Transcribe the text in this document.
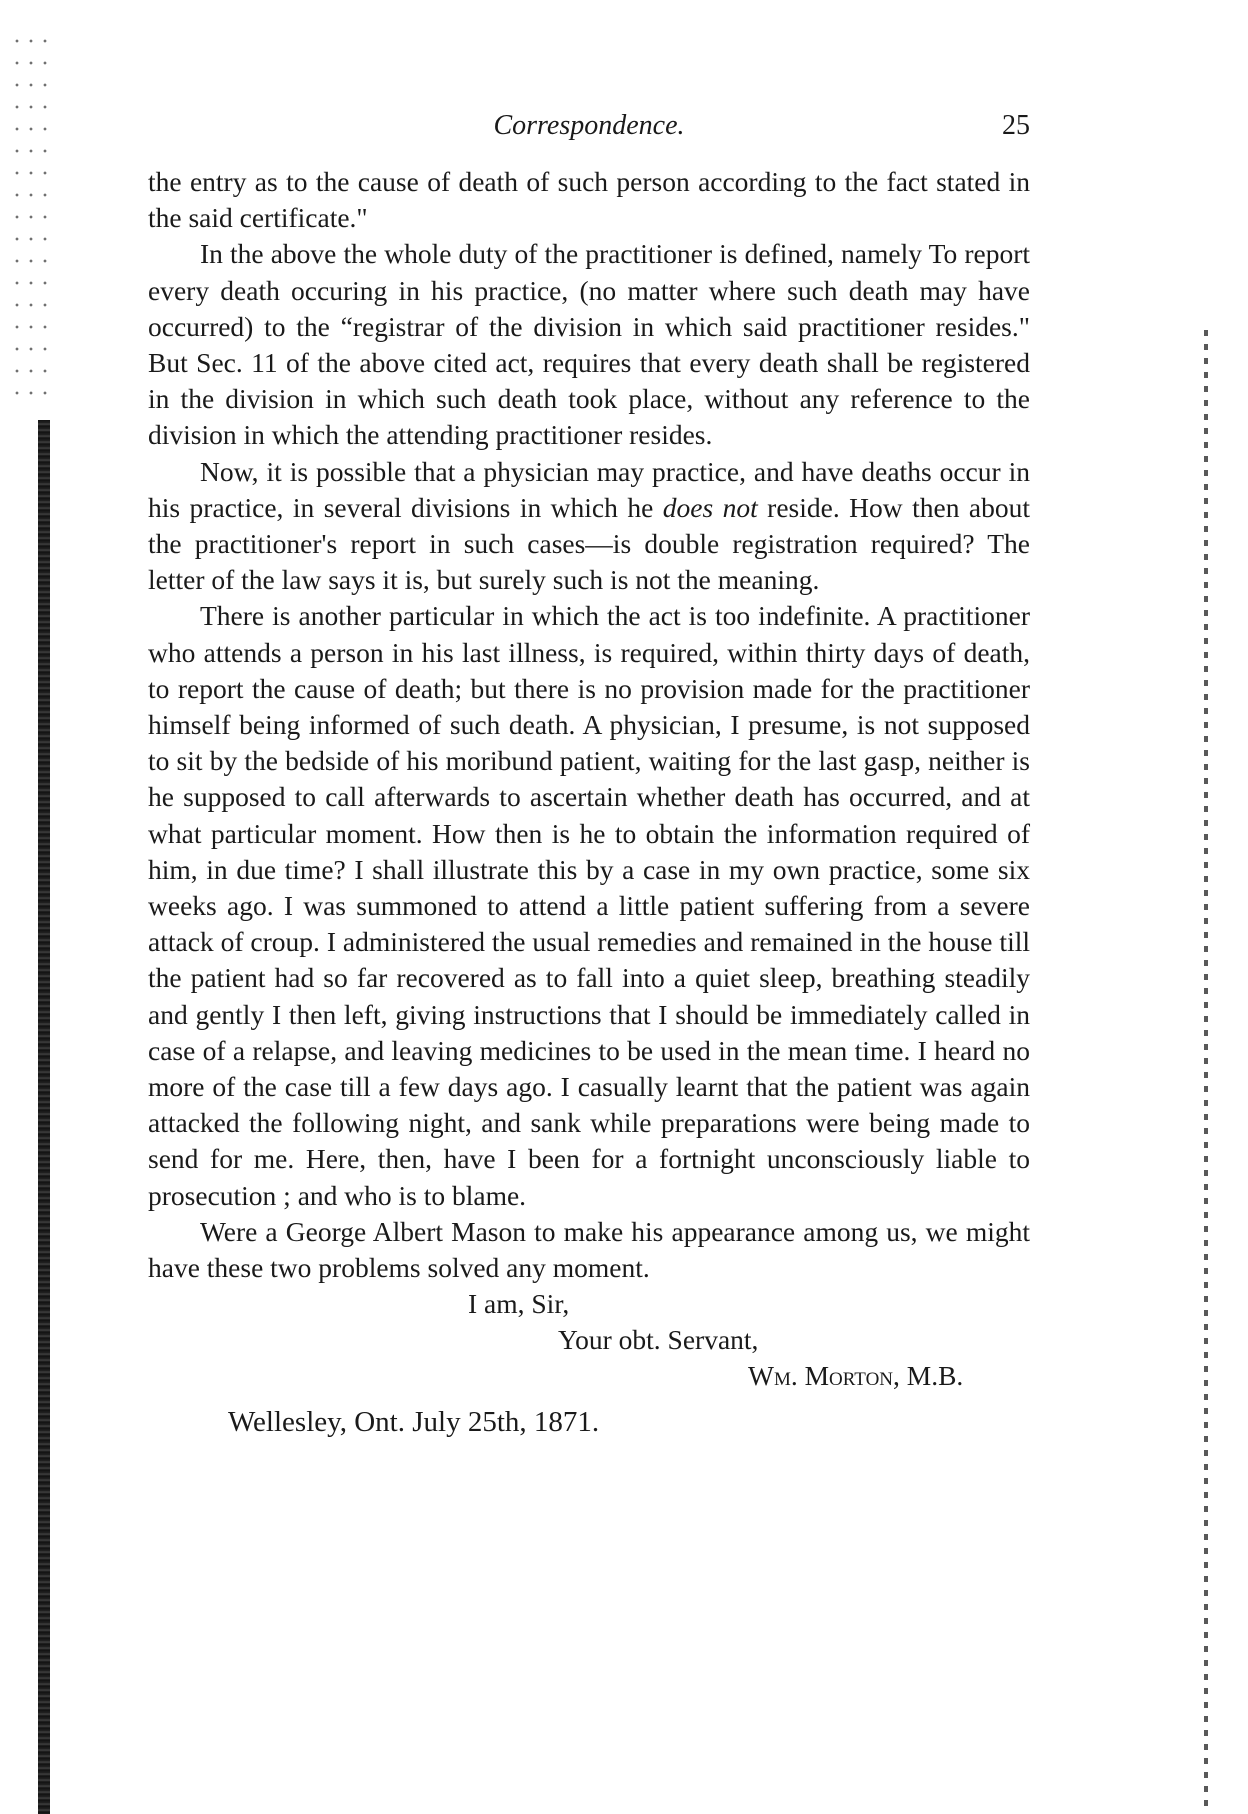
Correspondence.	25

the entry as to the cause of death of such person according to the fact stated in the said certificate."

In the above the whole duty of the practitioner is defined, namely To report every death occuring in his practice, (no matter where such death may have occurred) to the “registrar of the division in which said practitioner resides." But Sec. 11 of the above cited act, requires that every death shall be registered in the division in which such death took place, without any reference to the division in which the attending practitioner resides.

Now, it is possible that a physician may practice, and have deaths occur in his practice, in several divisions in which he does not reside. How then about the practitioner's report in such cases—is double registration required? The letter of the law says it is, but surely such is not the meaning.

There is another particular in which the act is too indefinite. A practitioner who attends a person in his last illness, is required, within thirty days of death, to report the cause of death; but there is no provision made for the practitioner himself being informed of such death. A physician, I presume, is not supposed to sit by the bedside of his moribund patient, waiting for the last gasp, neither is he supposed to call afterwards to ascertain whether death has occurred, and at what particular moment. How then is he to obtain the information required of him, in due time? I shall illustrate this by a case in my own practice, some six weeks ago. I was summoned to attend a little patient suffering from a severe attack of croup. I administered the usual remedies and remained in the house till the patient had so far recovered as to fall into a quiet sleep, breathing steadily and gently I then left, giving instructions that I should be immediately called in case of a relapse, and leaving medicines to be used in the mean time. I heard no more of the case till a few days ago. I casually learnt that the patient was again attacked the following night, and sank while preparations were being made to send for me. Here, then, have I been for a fortnight unconsciously liable to prosecution ; and who is to blame.

Were a George Albert Mason to make his appearance among us, we might have these two problems solved any moment.

I am, Sir,
Your obt. Servant,
Wm. Morton, M.B.
Wellesley, Ont. July 25th, 1871.
